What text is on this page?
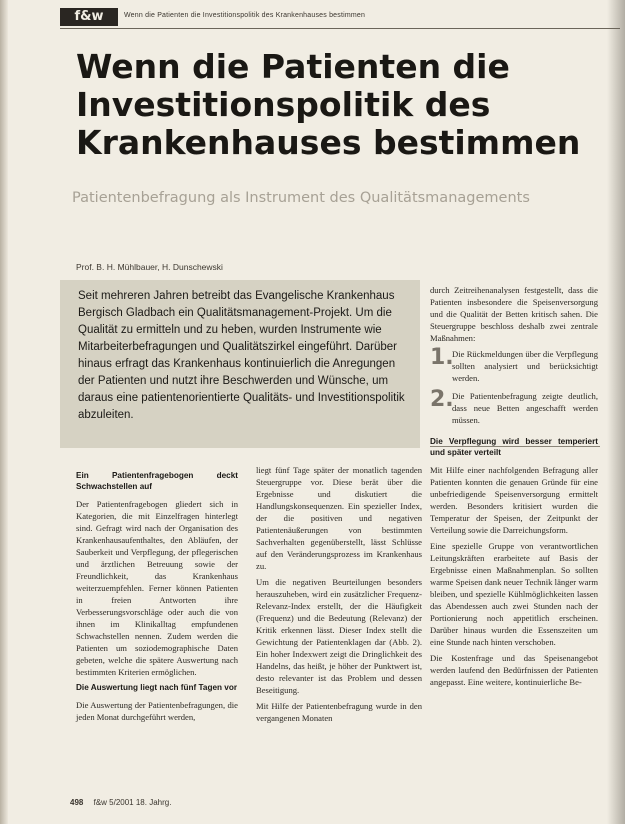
f&w	Wenn die Patienten die Investitionspolitik des Krankenhauses bestimmen
Wenn die Patienten die
Investitionspolitik des
Krankenhauses bestimmen
Patientenbefragung als Instrument des Qualitätsmanagements
Prof. B. H. Mühlbauer, H. Dunschewski

Seit mehreren Jahren betreibt das Evangelische Krankenhaus Bergisch Gladbach ein Qualitätsmanagement-Projekt. Um die Qualität zu ermitteln und zu heben, wurden Instrumente wie Mitarbeiterbefragungen und Qualitätszirkel eingeführt. Darüber hinaus erfragt das Krankenhaus kontinuierlich die Anregungen der Patienten und nutzt ihre Beschwerden und Wünsche, um daraus eine patientenorientierte Qualitäts- und Investitionspolitik abzuleiten.

Ein Patientenfragebogen deckt Schwachstellen auf

Der Patientenfragebogen gliedert sich in Kategorien, die mit Einzelfragen hinterlegt sind. Gefragt wird nach der Organisation des Krankenhausaufenthaltes, den Abläufen, der Sauberkeit und Verpflegung, der pflegerischen und ärztlichen Betreuung sowie der Freundlichkeit, das Krankenhaus weiterzuempfehlen. Ferner können Patienten in freien Antworten ihre Verbesserungsvorschläge oder auch die von ihnen im Klinikalltag empfundenen Schwachstellen nennen. Zudem werden die Patienten um soziodemographische Daten gebeten, welche die spätere Auswertung nach bestimmten Kriterien ermöglichen.

Die Auswertung liegt nach fünf Tagen vor

Die Auswertung der Patientenbefragungen, die jeden Monat durchgeführt werden,

liegt fünf Tage später der monatlich tagenden Steuergruppe vor. Diese berät über die Ergebnisse und diskutiert die Handlungskonsequenzen. Ein spezieller Index, der die positiven und negativen Patientenäußerungen von bestimmten Sachverhalten gegenüberstellt, lässt Schlüsse auf den Veränderungsprozess im Krankenhaus zu.

Um die negativen Beurteilungen besonders herauszuheben, wird ein zusätzlicher Frequenz-Relevanz-Index erstellt, der die Häufigkeit (Frequenz) und die Bedeutung (Relevanz) der Kritik erkennen lässt. Dieser Index stellt die Gewichtung der Patientenklagen dar (Abb. 2). Ein hoher Indexwert zeigt die Dringlichkeit des Handelns, das heißt, je höher der Punktwert ist, desto relevanter ist das Problem und dessen Beseitigung.

Mit Hilfe der Patientenbefragung wurde in den vergangenen Monaten

durch Zeitreihenanalysen festgestellt, dass die Patienten insbesondere die Speisenversorgung und die Qualität der Betten kritisch sahen. Die Steuergruppe beschloss deshalb zwei zentrale Maßnahmen:

1.
Die Rückmeldungen über die Verpflegung sollten analysiert und berücksichtigt werden.
2.
Die Patientenbefragung zeigte deutlich, dass neue Betten angeschafft werden müssen.
Die Verpflegung wird besser temperiert und später verteilt

Mit Hilfe einer nachfolgenden Befragung aller Patienten konnten die genauen Gründe für eine unbefriedigende Speisenversorgung ermittelt werden. Besonders kritisiert wurden die Temperatur der Speisen, der Zeitpunkt der Verteilung sowie die Darreichungsform.

Eine spezielle Gruppe von verantwortlichen Leitungskräften erarbeitete auf Basis der Ergebnisse einen Maßnahmenplan. So sollten warme Speisen dank neuer Technik länger warm bleiben, und spezielle Kühlmöglichkeiten lassen das Abendessen auch zwei Stunden nach der Portionierung noch appetitlich erscheinen. Darüber hinaus wurden die Essenszeiten um eine Stunde nach hinten verschoben.

Die Kostenfrage und das Speisenangebot werden laufend den Bedürfnissen der Patienten angepasst. Eine weitere, kontinuierliche Be-

498 f&w 5/2001 18. Jahrg.
